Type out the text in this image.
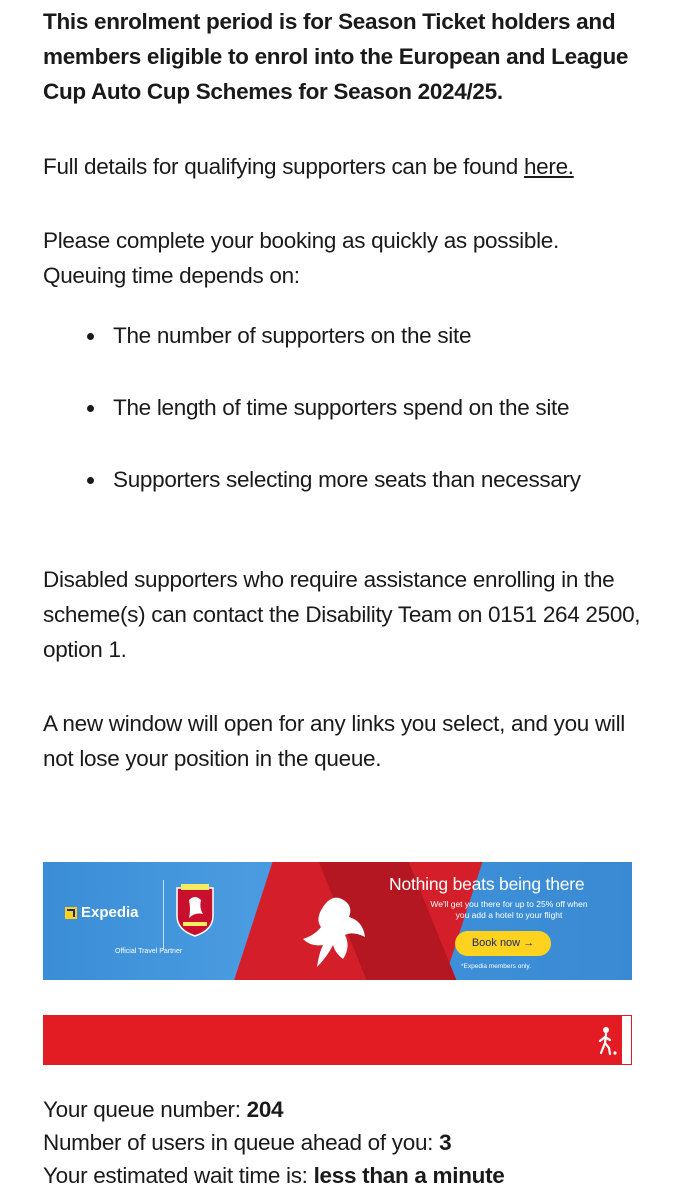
This enrolment period is for Season Ticket holders and members eligible to enrol into the European and League Cup Auto Cup Schemes for Season 2024/25.

Full details for qualifying supporters can be found here.

Please complete your booking as quickly as possible.
Queuing time depends on:

The number of supporters on the site
The length of time supporters spend on the site
Supporters selecting more seats than necessary

Disabled supporters who require assistance enrolling in the scheme(s) can contact the Disability Team on 0151 264 2500, option 1.

A new window will open for any links you select, and you will not lose your position in the queue.

Expedia
Official Travel Partner
Nothing beats being there
We'll get you there for up to 25% off when you add a hotel to your flight
Book now →
*Expedia members only.
Your queue number: 204
Number of users in queue ahead of you: 3
Your estimated wait time is: less than a minute
